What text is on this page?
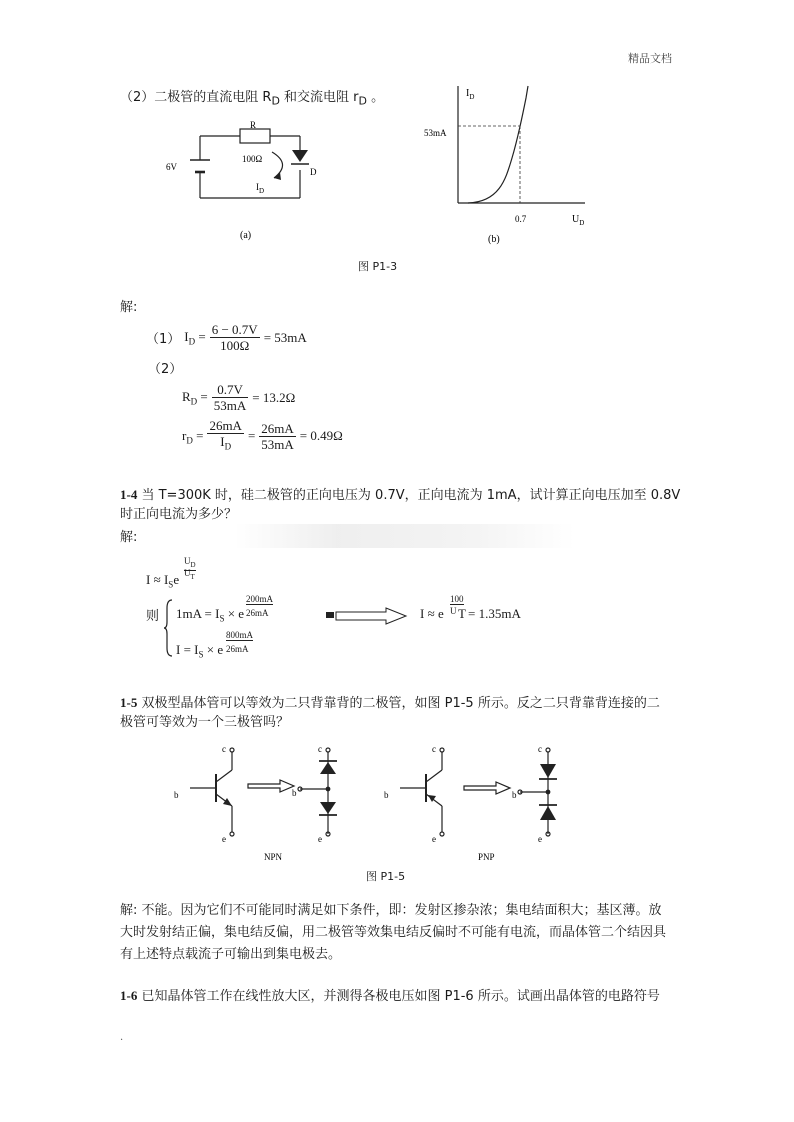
精品文档
（2）二极管的直流电阻 $R_D$ 和交流电阻 $r_D$ 。
R
100Ω
6V
$I_D$
D
(a)
$I_D$
53mA
0.7	$U_D$
(b)
图 P1-3
解:
（1） $I_D = \frac{6 - 0.7V}{100\Omega} = 53mA$
（2）
$R_D = \frac{0.7V}{53mA} = 13.2\Omega$
$r_D = \frac{26mA}{I_D} = \frac{26mA}{53mA} = 0.49\Omega$
1-4 当 T=300K 时，硅二极管的正向电压为 0.7V，正向电流为 1mA，试计算正向电压加至 0.8V
时正向电流为多少？
解:
$I \approx I_Se$
$U_D$
$U_T$
则 $1mA = I_S \times e$
200mA
26mA
$I = I_S \times e$
800mA
26mA
I ≈ e
100
U T = 1.35mA
1-5 双极型晶体管可以等效为二只背靠背的二极管，如图 P1-5 所示。反之二只背靠背连接的二
极管可等效为一个三极管吗？
c
b
e
c
b
e
c
b
e
c
b
e
NPN	PNP
图 P1-5
解: 不能。因为它们不可能同时满足如下条件，即：发射区掺杂浓；集电结面积大；基区薄。放
大时发射结正偏，集电结反偏，用二极管等效集电结反偏时不可能有电流，而晶体管二个结因具
有上述特点载流子可输出到集电极去。
1-6 已知晶体管工作在线性放大区，并测得各极电压如图 P1-6 所示。试画出晶体管的电路符号
.
